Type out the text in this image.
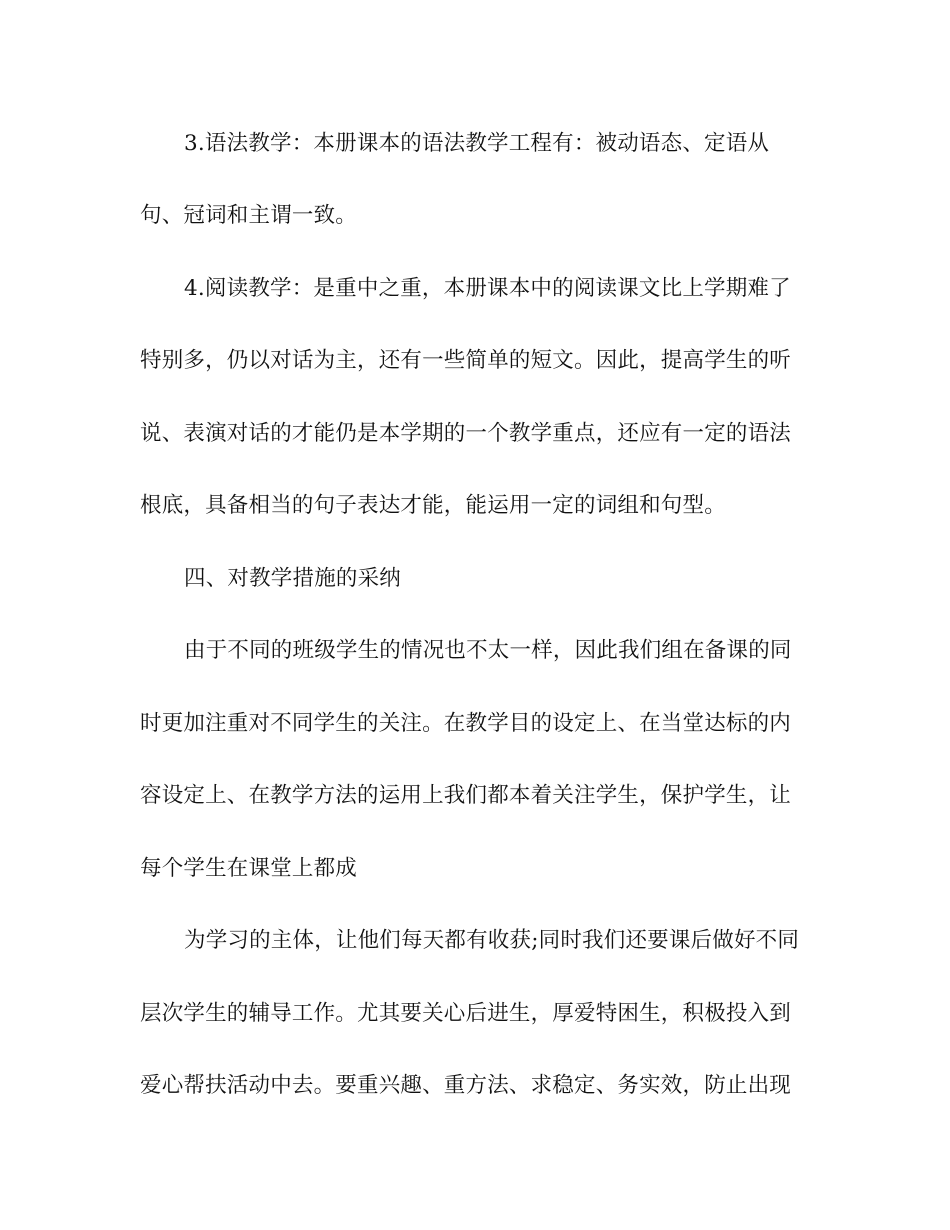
3.语法教学：本册课本的语法教学工程有：被动语态、定语从
句、冠词和主谓一致。
4.阅读教学：是重中之重，本册课本中的阅读课文比上学期难了
特别多，仍以对话为主，还有一些简单的短文。因此，提高学生的听
说、表演对话的才能仍是本学期的一个教学重点，还应有一定的语法
根底，具备相当的句子表达才能，能运用一定的词组和句型。
四、对教学措施的采纳
由于不同的班级学生的情况也不太一样，因此我们组在备课的同
时更加注重对不同学生的关注。在教学目的设定上、在当堂达标的内
容设定上、在教学方法的运用上我们都本着关注学生，保护学生，让
每个学生在课堂上都成
为学习的主体，让他们每天都有收获;同时我们还要课后做好不同
层次学生的辅导工作。尤其要关心后进生，厚爱特困生，积极投入到
爱心帮扶活动中去。要重兴趣、重方法、求稳定、务实效，防止出现
